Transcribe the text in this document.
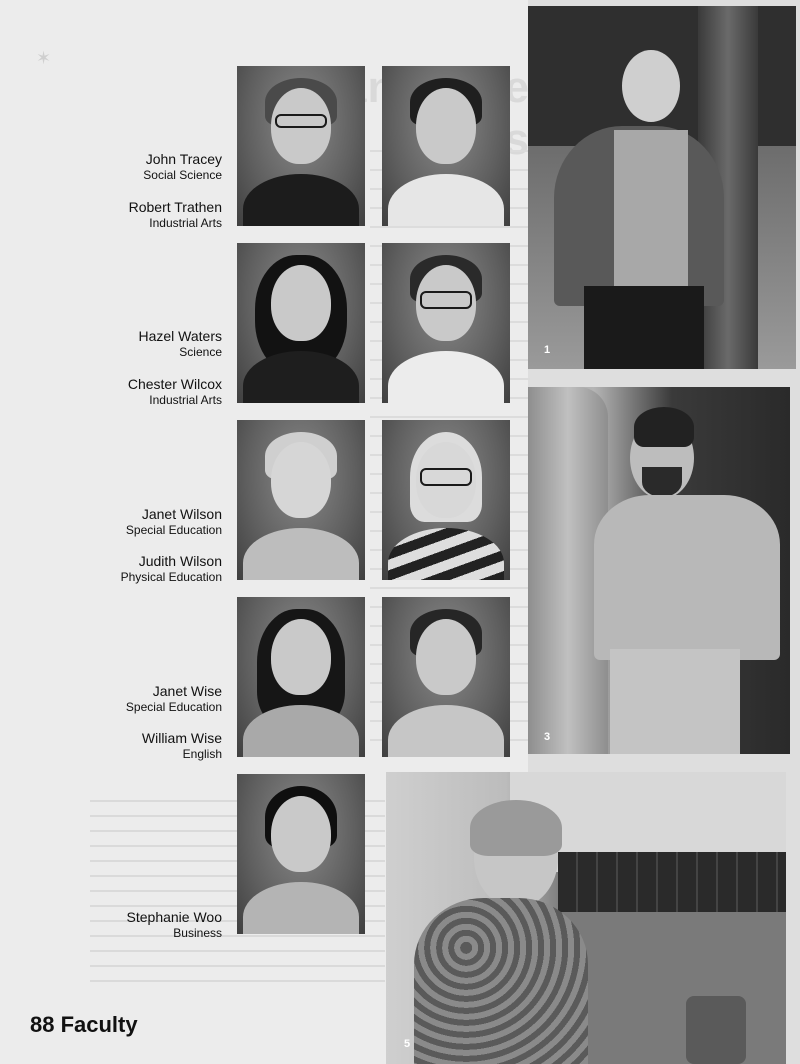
✶

John Tracey
Social Science
Robert Trathen
Industrial Arts
Hazel Waters
Science
Chester Wilcox
Industrial Arts
Janet Wilson
Special Education
Judith Wilson
Physical Education
Janet Wise
Special Education
William Wise
English
Stephanie Woo
Business
1
3
5
88 Faculty
